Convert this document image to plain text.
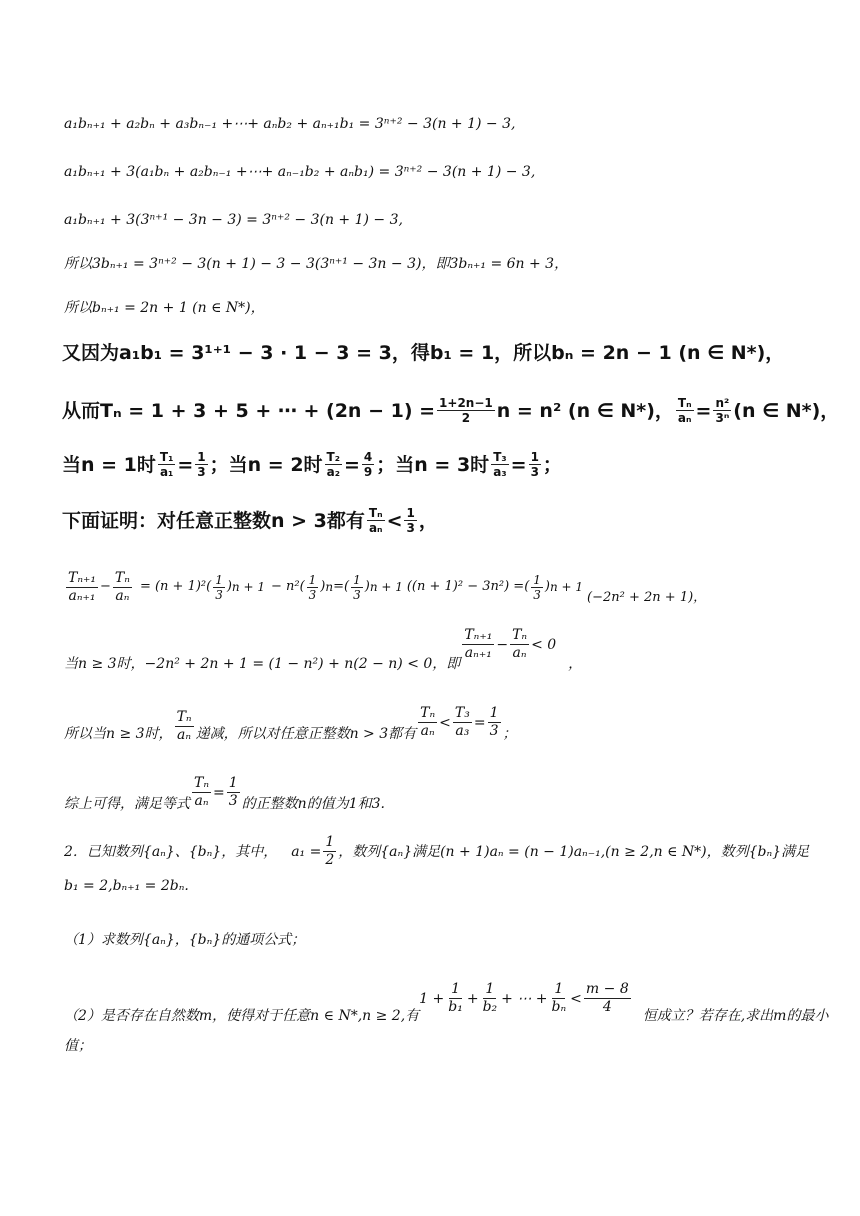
a₁bₙ₊₁ + a₂bₙ + a₃bₙ₋₁ +⋯+ aₙb₂ + aₙ₊₁b₁ = 3ⁿ⁺² − 3(n + 1) − 3,
a₁bₙ₊₁ + 3(a₁bₙ + a₂bₙ₋₁ +⋯+ aₙ₋₁b₂ + aₙb₁) = 3ⁿ⁺² − 3(n + 1) − 3,
a₁bₙ₊₁ + 3(3ⁿ⁺¹ − 3n − 3) = 3ⁿ⁺² − 3(n + 1) − 3,
所以3bₙ₊₁ = 3ⁿ⁺² − 3(n + 1) − 3 − 3(3ⁿ⁺¹ − 3n − 3)，即3bₙ₊₁ = 6n + 3，
所以bₙ₊₁ = 2n + 1 (n ∈ N*)，
又因为a₁b₁ = 3¹⁺¹ − 3 · 1 − 3 = 3，得b₁ = 1，所以bₙ = 2n − 1 (n ∈ N*)，
从而Tₙ = 1 + 3 + 5 + ⋯ + $(2n - 1) = \frac{1+2n-1}{2}$ n = n² (n ∈ N*)， $\frac{\text{Tₙ}}{\text{aₙ}} = \frac{\text{n²}}{\text{3ⁿ}} (n$ ∈ N*)，
当n = 1时 $\frac{\text{T₁}}{\text{a₁}} = \frac{1}{3}$ ；当n = 2时 $\frac{\text{T₂}}{\text{a₂}} = \frac{4}{9}$ ；当n = 3时 $\frac{\text{T₃}}{\text{a₃}} = \frac{1}{3}$ ；
下面证明：对任意正整数n > 3都有 $\frac{\text{Tₙ}}{\text{aₙ}} < \frac{1}{3}$ ，
$\frac{\text{Tₙ₊₁}}{\text{aₙ₊₁}} - \frac{\text{Tₙ}}{\text{aₙ}} = (n + 1)^2$ ( $\frac{1}{3}$ ) n + 1 − n² ( $\frac{1}{3}$ ) n = ( $\frac{1}{3}$ ) n + 1 ((n + 1)² − 3n²) = ( $\frac{1}{3}$ ) n + 1
(−2n² + 2n + 1)，
当n ≥ 3时，−2n² + 2n + 1 = (1 − n²) + n(2 − n) < 0，即
$\frac{\text{Tₙ₊₁}}{\text{aₙ₊₁}} - \frac{\text{Tₙ}}{\text{aₙ}} < 0$
，
所以当n ≥ 3时， $\frac{\text{Tₙ}}{\text{aₙ}}$ 递减，所以对任意正整数n > 3都有 $\frac{\text{Tₙ}}{\text{aₙ}} < \frac{\text{T₃}}{\text{a₃}} = \frac{1}{3}$ ；
综上可得，满足等式 $\frac{\text{Tₙ}}{\text{aₙ}} = \frac{1}{3}$ 的正整数n的值为1和3.
2．已知数列{aₙ}、{bₙ}，其中， $a_1 = \frac{1}{2}$ ，数列{aₙ}满足(n + 1)aₙ = (n − 1)aₙ₋₁,(n ≥ 2,n ∈ N*)，数列{bₙ}满足
b₁ = 2,bₙ₊₁ = 2bₙ.
（1）求数列{aₙ}，{bₙ}的通项公式；
（2）是否存在自然数m，使得对于任意n ∈ N*,n ≥ 2,有
$1 + \frac{1}{\text{b₁}} + \frac{1}{\text{b₂}}$ + ⋯ + $\frac{1}{\text{bₙ}} < \frac{m - 8}{4}$ 恒成立？若存在,求出m的最小
值；
